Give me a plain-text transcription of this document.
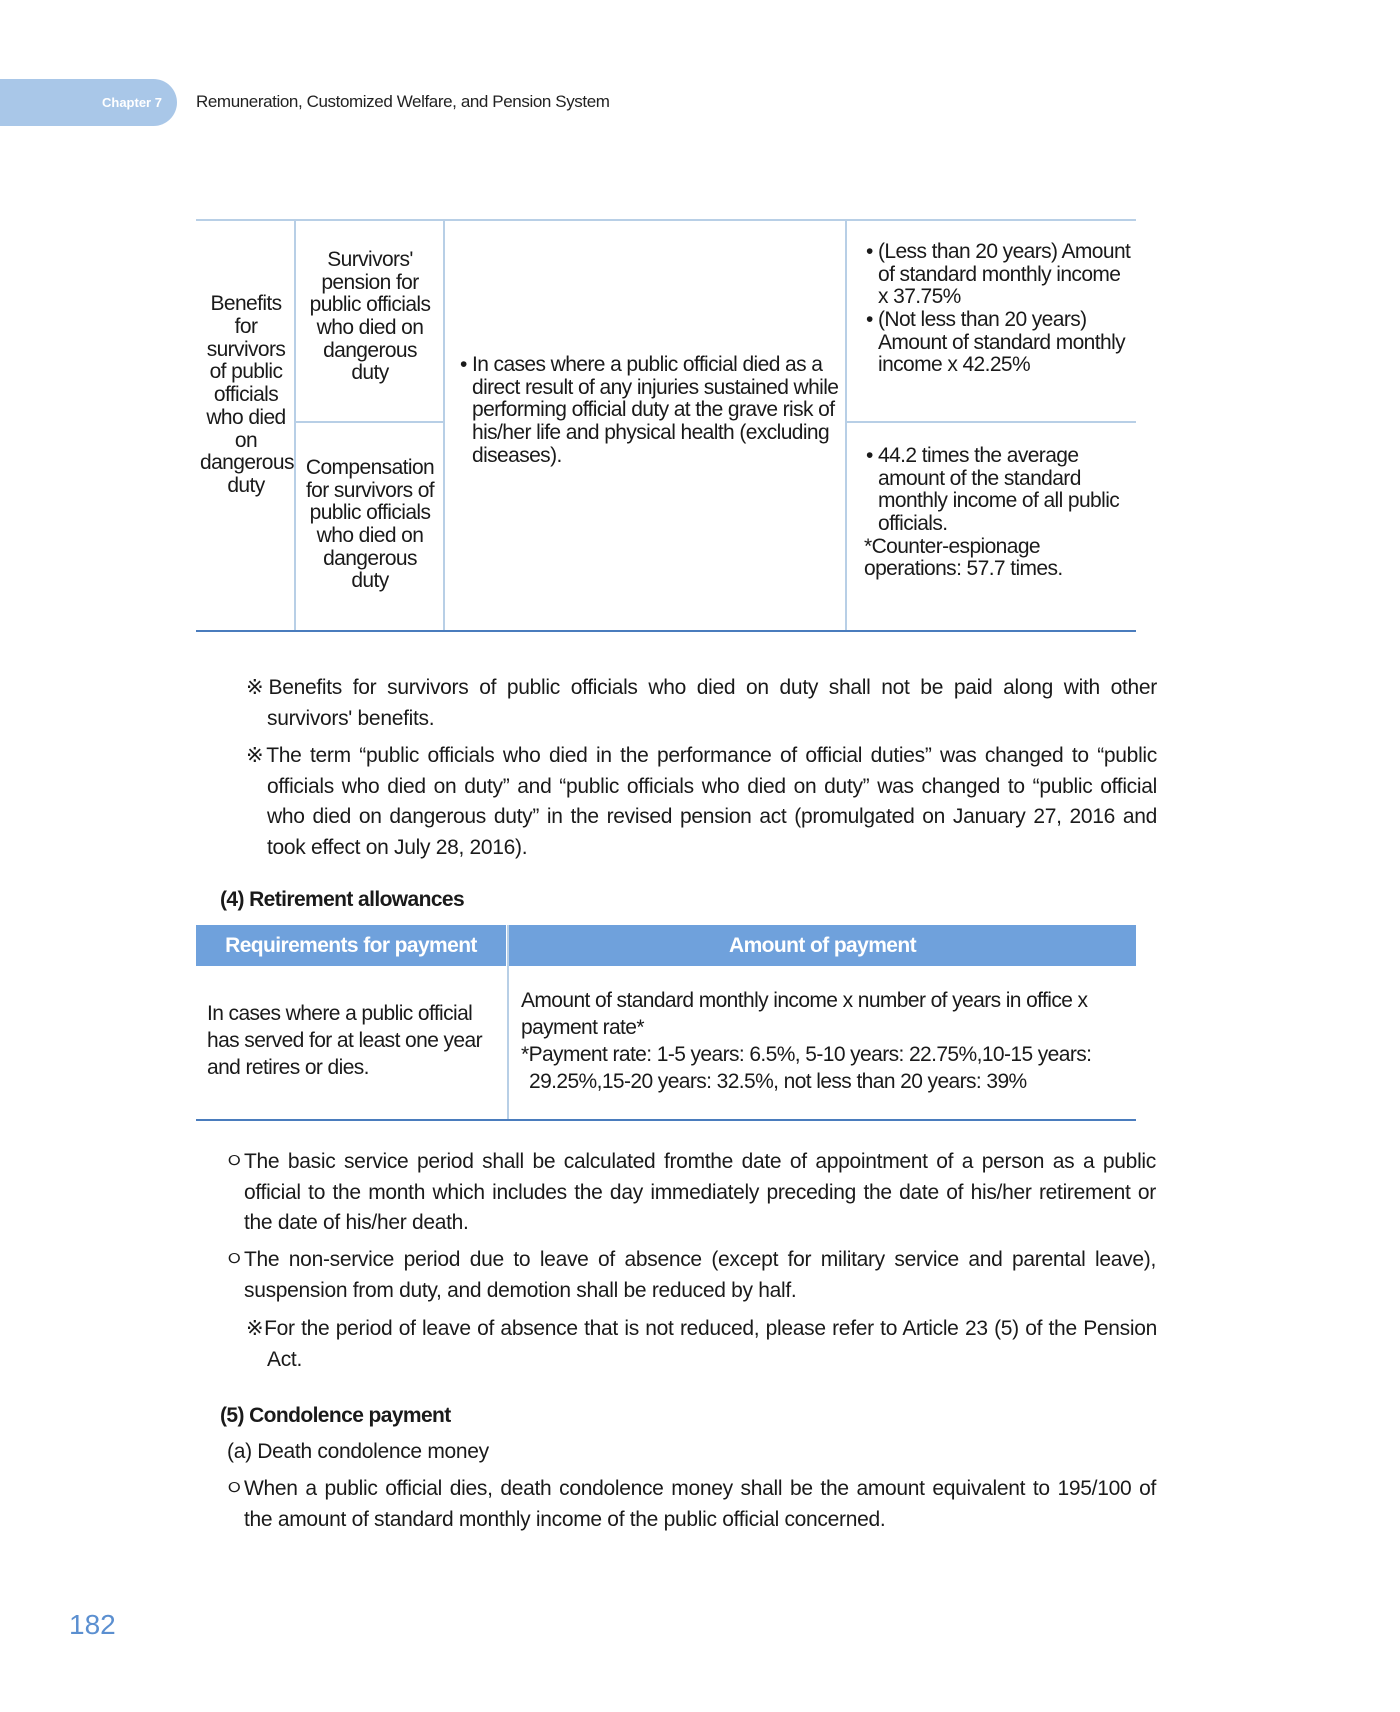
Chapter 7 Remuneration, Customized Welfare, and Pension System
Benefits for survivors of public officials who died on dangerous duty
Survivors' pension for public officials who died on dangerous duty
Compensation for survivors of public officials who died on dangerous duty
• In cases where a public official died as a direct result of any injuries sustained while performing official duty at the grave risk of his/her life and physical health (excluding diseases).
• (Less than 20 years) Amount of standard monthly income x 37.75%
• (Not less than 20 years) Amount of standard monthly income x 42.25%
• 44.2 times the average amount of the standard monthly income of all public officials.
*Counter-espionage operations: 57.7 times.
※Benefits for survivors of public officials who died on duty shall not be paid along with other survivors' benefits.
※The term “public officials who died in the performance of official duties” was changed to “public officials who died on duty” and “public officials who died on duty” was changed to “public official who died on dangerous duty” in the revised pension act (promulgated on January 27, 2016 and took effect on July 28, 2016).
(4) Retirement allowances
Requirements for payment	Amount of payment
In cases where a public official has served for at least one year and retires or dies.
Amount of standard monthly income x number of years in office x payment rate*
*Payment rate: 1-5 years: 6.5%, 5-10 years: 22.75%,10-15 years:
29.25%,15-20 years: 32.5%, not less than 20 years: 39%
ㅇThe basic service period shall be calculated fromthe date of appointment of a person as a public official to the month which includes the day immediately preceding the date of his/her retirement or the date of his/her death.
ㅇThe non-service period due to leave of absence (except for military service and parental leave), suspension from duty, and demotion shall be reduced by half.
※For the period of leave of absence that is not reduced, please refer to Article 23 (5) of the Pension Act.
(5) Condolence payment
(a) Death condolence money
ㅇWhen a public official dies, death condolence money shall be the amount equivalent to 195/100 of the amount of standard monthly income of the public official concerned.
182
